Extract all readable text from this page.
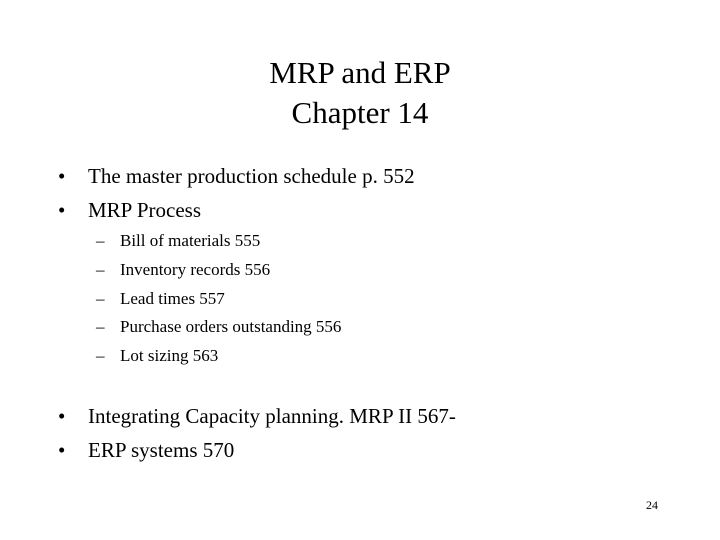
MRP and ERP
Chapter 14
•	The master production schedule p. 552
•	MRP Process
– Bill of materials 555
– Inventory records 556
– Lead times 557
– Purchase orders outstanding 556
– Lot sizing 563
•	Integrating Capacity planning. MRP II 567-
•	ERP systems 570
24
